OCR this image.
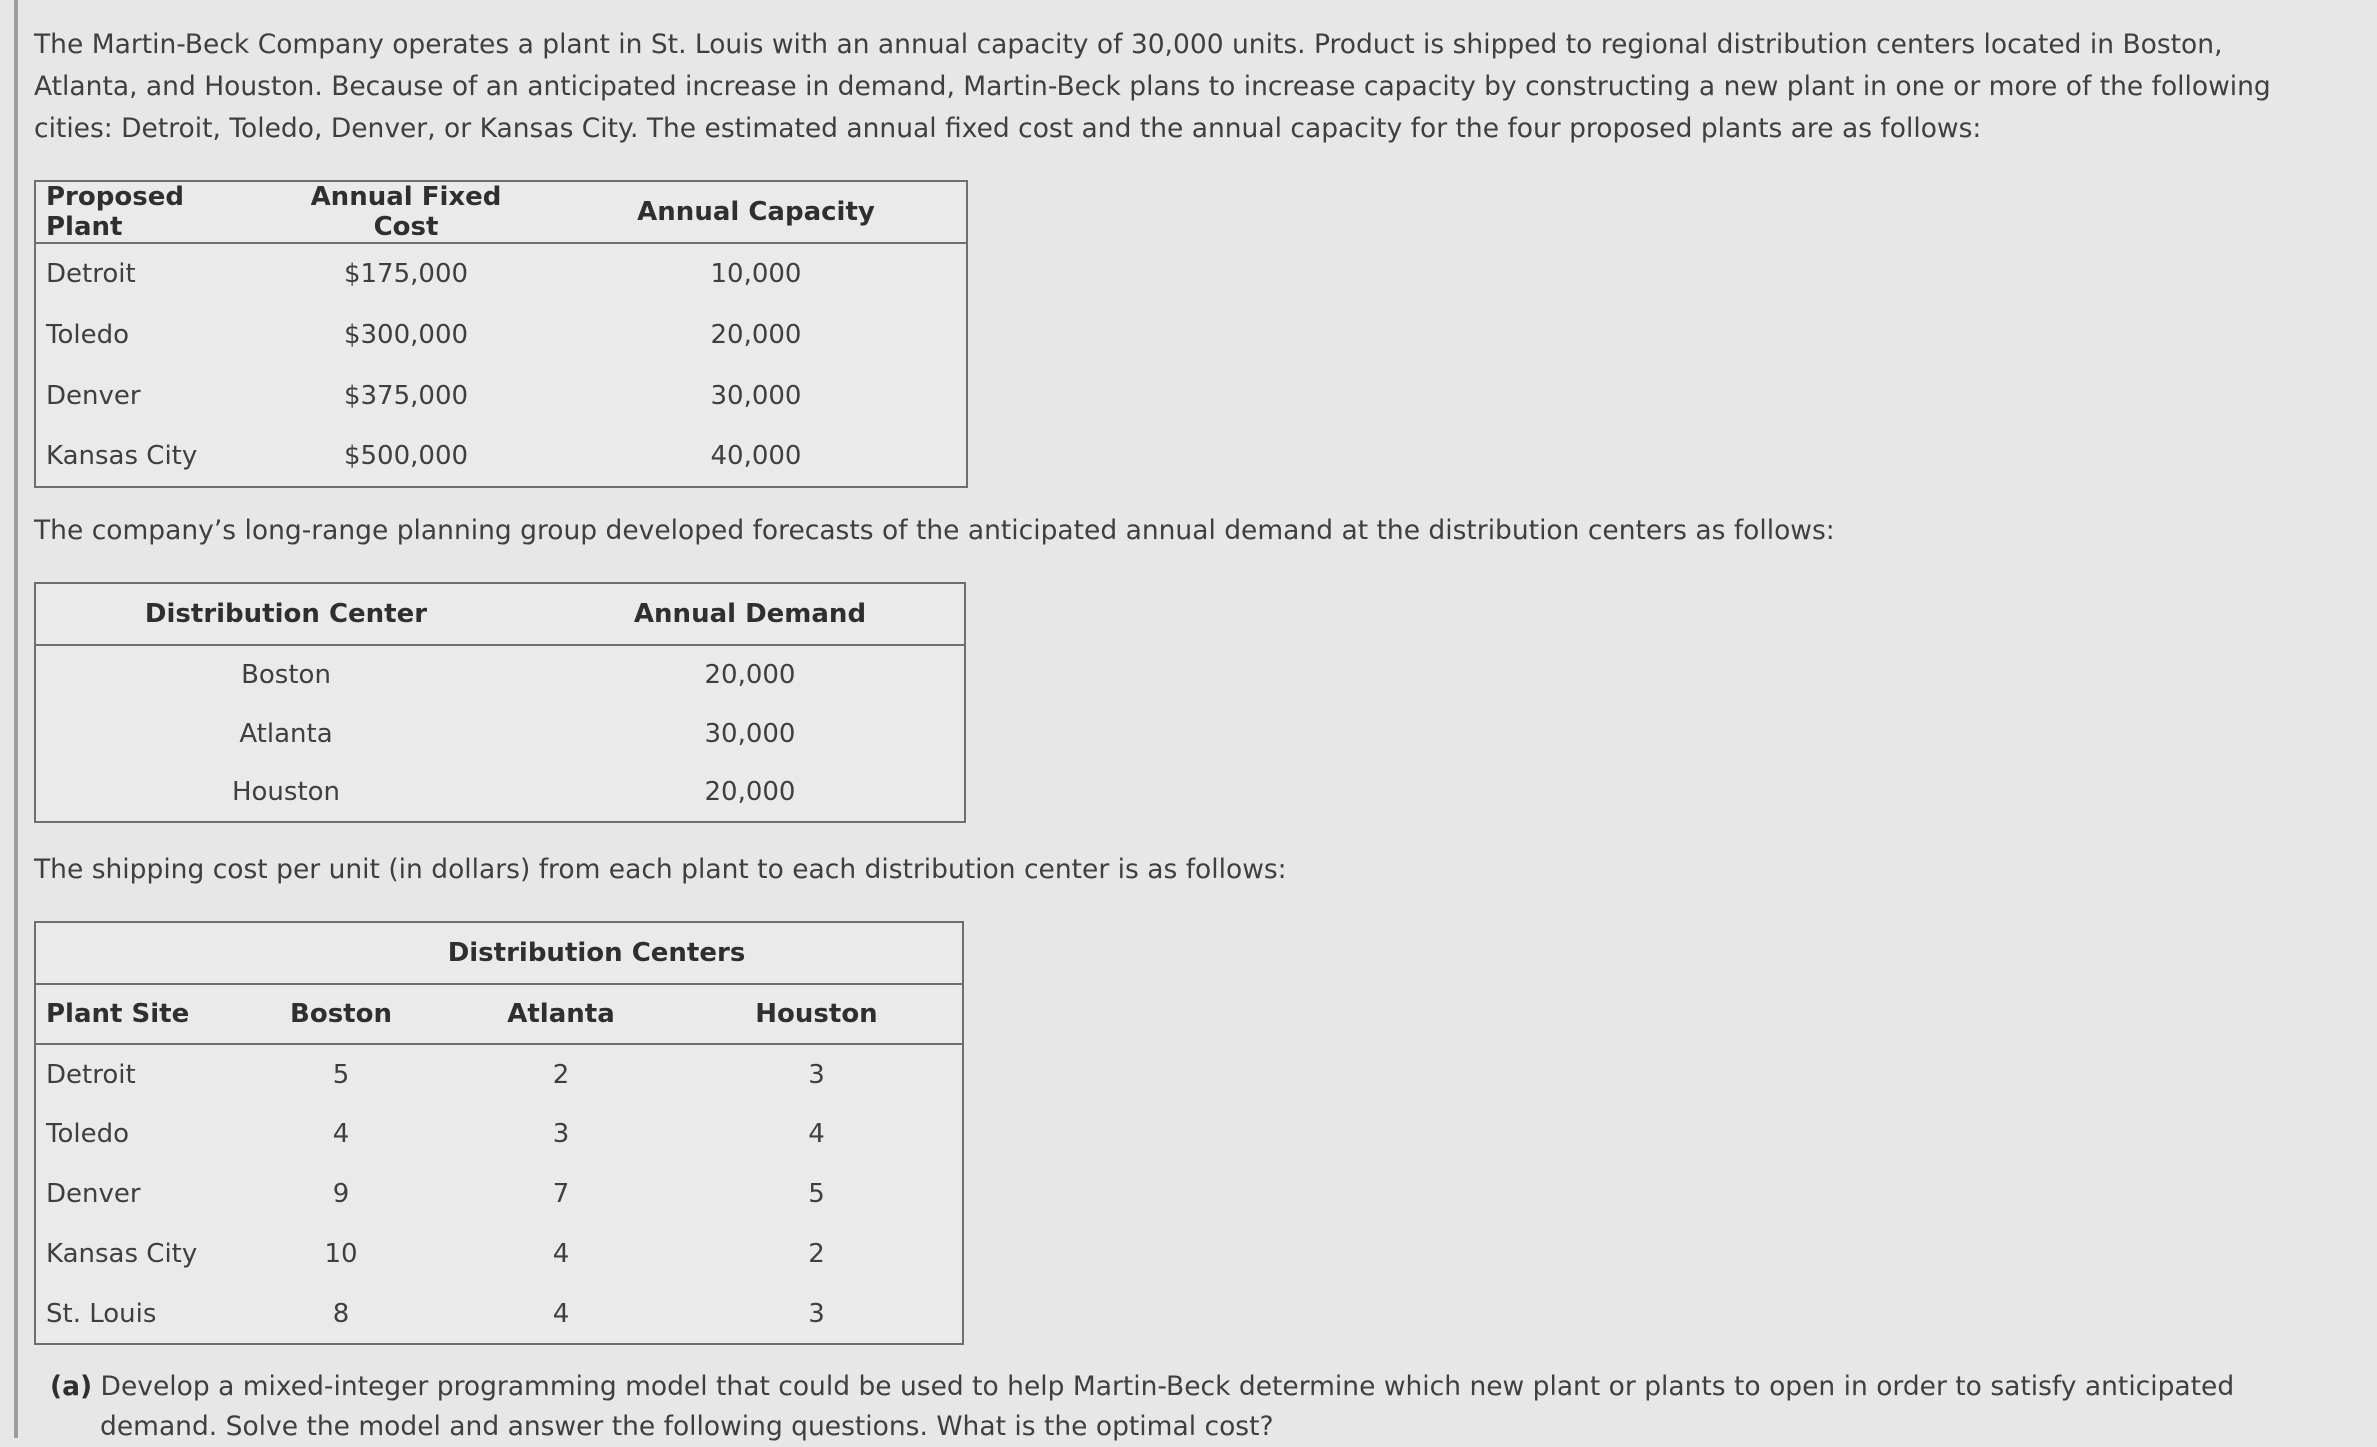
The Martin-Beck Company operates a plant in St. Louis with an annual capacity of 30,000 units. Product is shipped to regional distribution centers located in Boston, Atlanta, and Houston. Because of an anticipated increase in demand, Martin-Beck plans to increase capacity by constructing a new plant in one or more of the following cities: Detroit, Toledo, Denver, or Kansas City. The estimated annual fixed cost and the annual capacity for the four proposed plants are as follows:

Proposed Plant	Annual Fixed Cost	Annual Capacity
Detroit	$175,000	10,000
Toledo	$300,000	20,000
Denver	$375,000	30,000
Kansas City	$500,000	40,000

The company’s long-range planning group developed forecasts of the anticipated annual demand at the distribution centers as follows:

Distribution Center	Annual Demand
Boston	20,000
Atlanta	30,000
Houston	20,000

The shipping cost per unit (in dollars) from each plant to each distribution center is as follows:

	Distribution Centers		
Plant Site	Boston	Atlanta	Houston
Detroit	5	2	3
Toledo	4	3	4
Denver	9	7	5
Kansas City	10	4	2
St. Louis	8	4	3
(a) Develop a mixed-integer programming model that could be used to help Martin-Beck determine which new plant or plants to open in order to satisfy anticipated demand. Solve the model and answer the following questions. What is the optimal cost?
